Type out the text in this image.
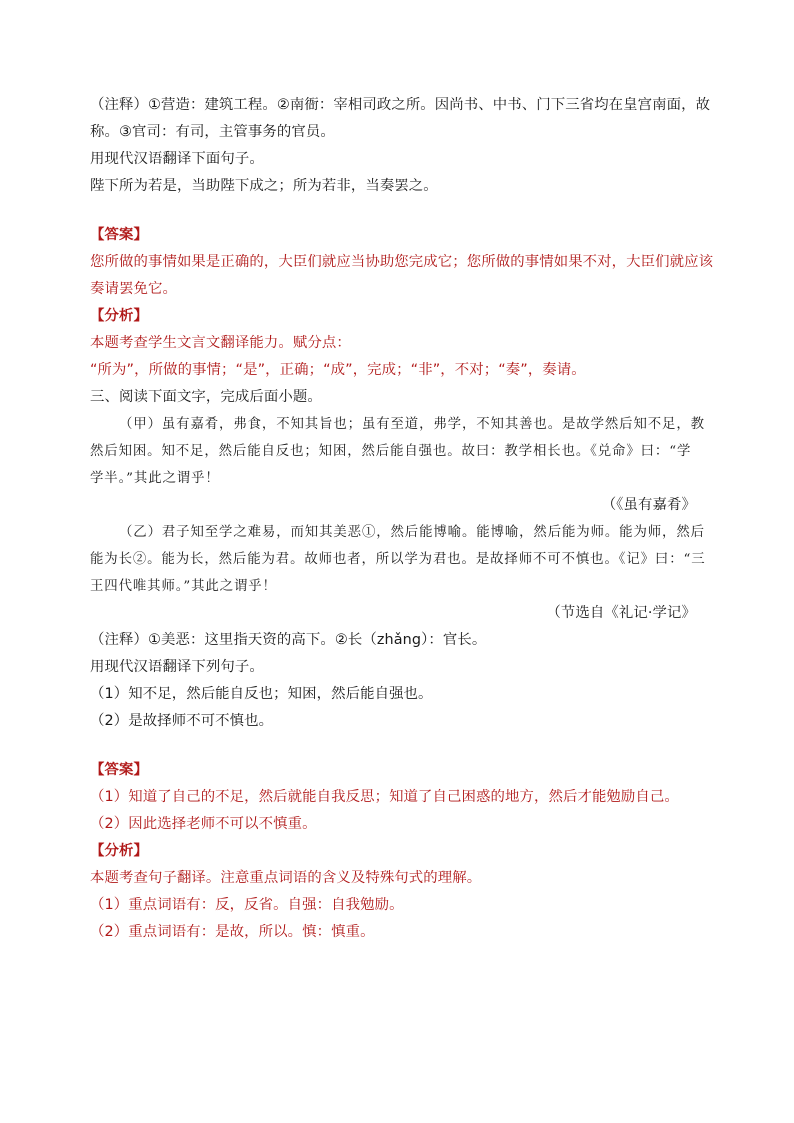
（注释）①营造：建筑工程。②南衙：宰相司政之所。因尚书、中书、门下三省均在皇宫南面，故
称。③官司：有司，主管事务的官员。
用现代汉语翻译下面句子。
陛下所为若是，当助陛下成之；所为若非，当奏罢之。
【答案】
您所做的事情如果是正确的，大臣们就应当协助您完成它；您所做的事情如果不对，大臣们就应该
奏请罢免它。
【分析】
本题考查学生文言文翻译能力。赋分点：
“所为”，所做的事情；“是”，正确；“成”，完成；“非”，不对；“奏”，奏请。
三、阅读下面文字，完成后面小题。
（甲）虽有嘉肴，弗食，不知其旨也；虽有至道，弗学，不知其善也。是故学然后知不足，教
然后知困。知不足，然后能自反也；知困，然后能自强也。故曰：教学相长也。《兑命》曰：“学
学半。”其此之谓乎！
（《虽有嘉肴》
（乙）君子知至学之难易，而知其美恶①，然后能博喻。能博喻，然后能为师。能为师，然后
能为长②。能为长，然后能为君。故师也者，所以学为君也。是故择师不可不慎也。《记》曰：“三
王四代唯其师。”其此之谓乎！
（节选自《礼记·学记》
（注释）①美恶：这里指天资的高下。②长（zhǎng）：官长。
用现代汉语翻译下列句子。
（1）知不足，然后能自反也；知困，然后能自强也。
（2）是故择师不可不慎也。
【答案】
（1）知道了自己的不足，然后就能自我反思；知道了自己困惑的地方，然后才能勉励自己。
（2）因此选择老师不可以不慎重。
【分析】
本题考查句子翻译。注意重点词语的含义及特殊句式的理解。
（1）重点词语有：反，反省。自强：自我勉励。
（2）重点词语有：是故，所以。慎：慎重。
